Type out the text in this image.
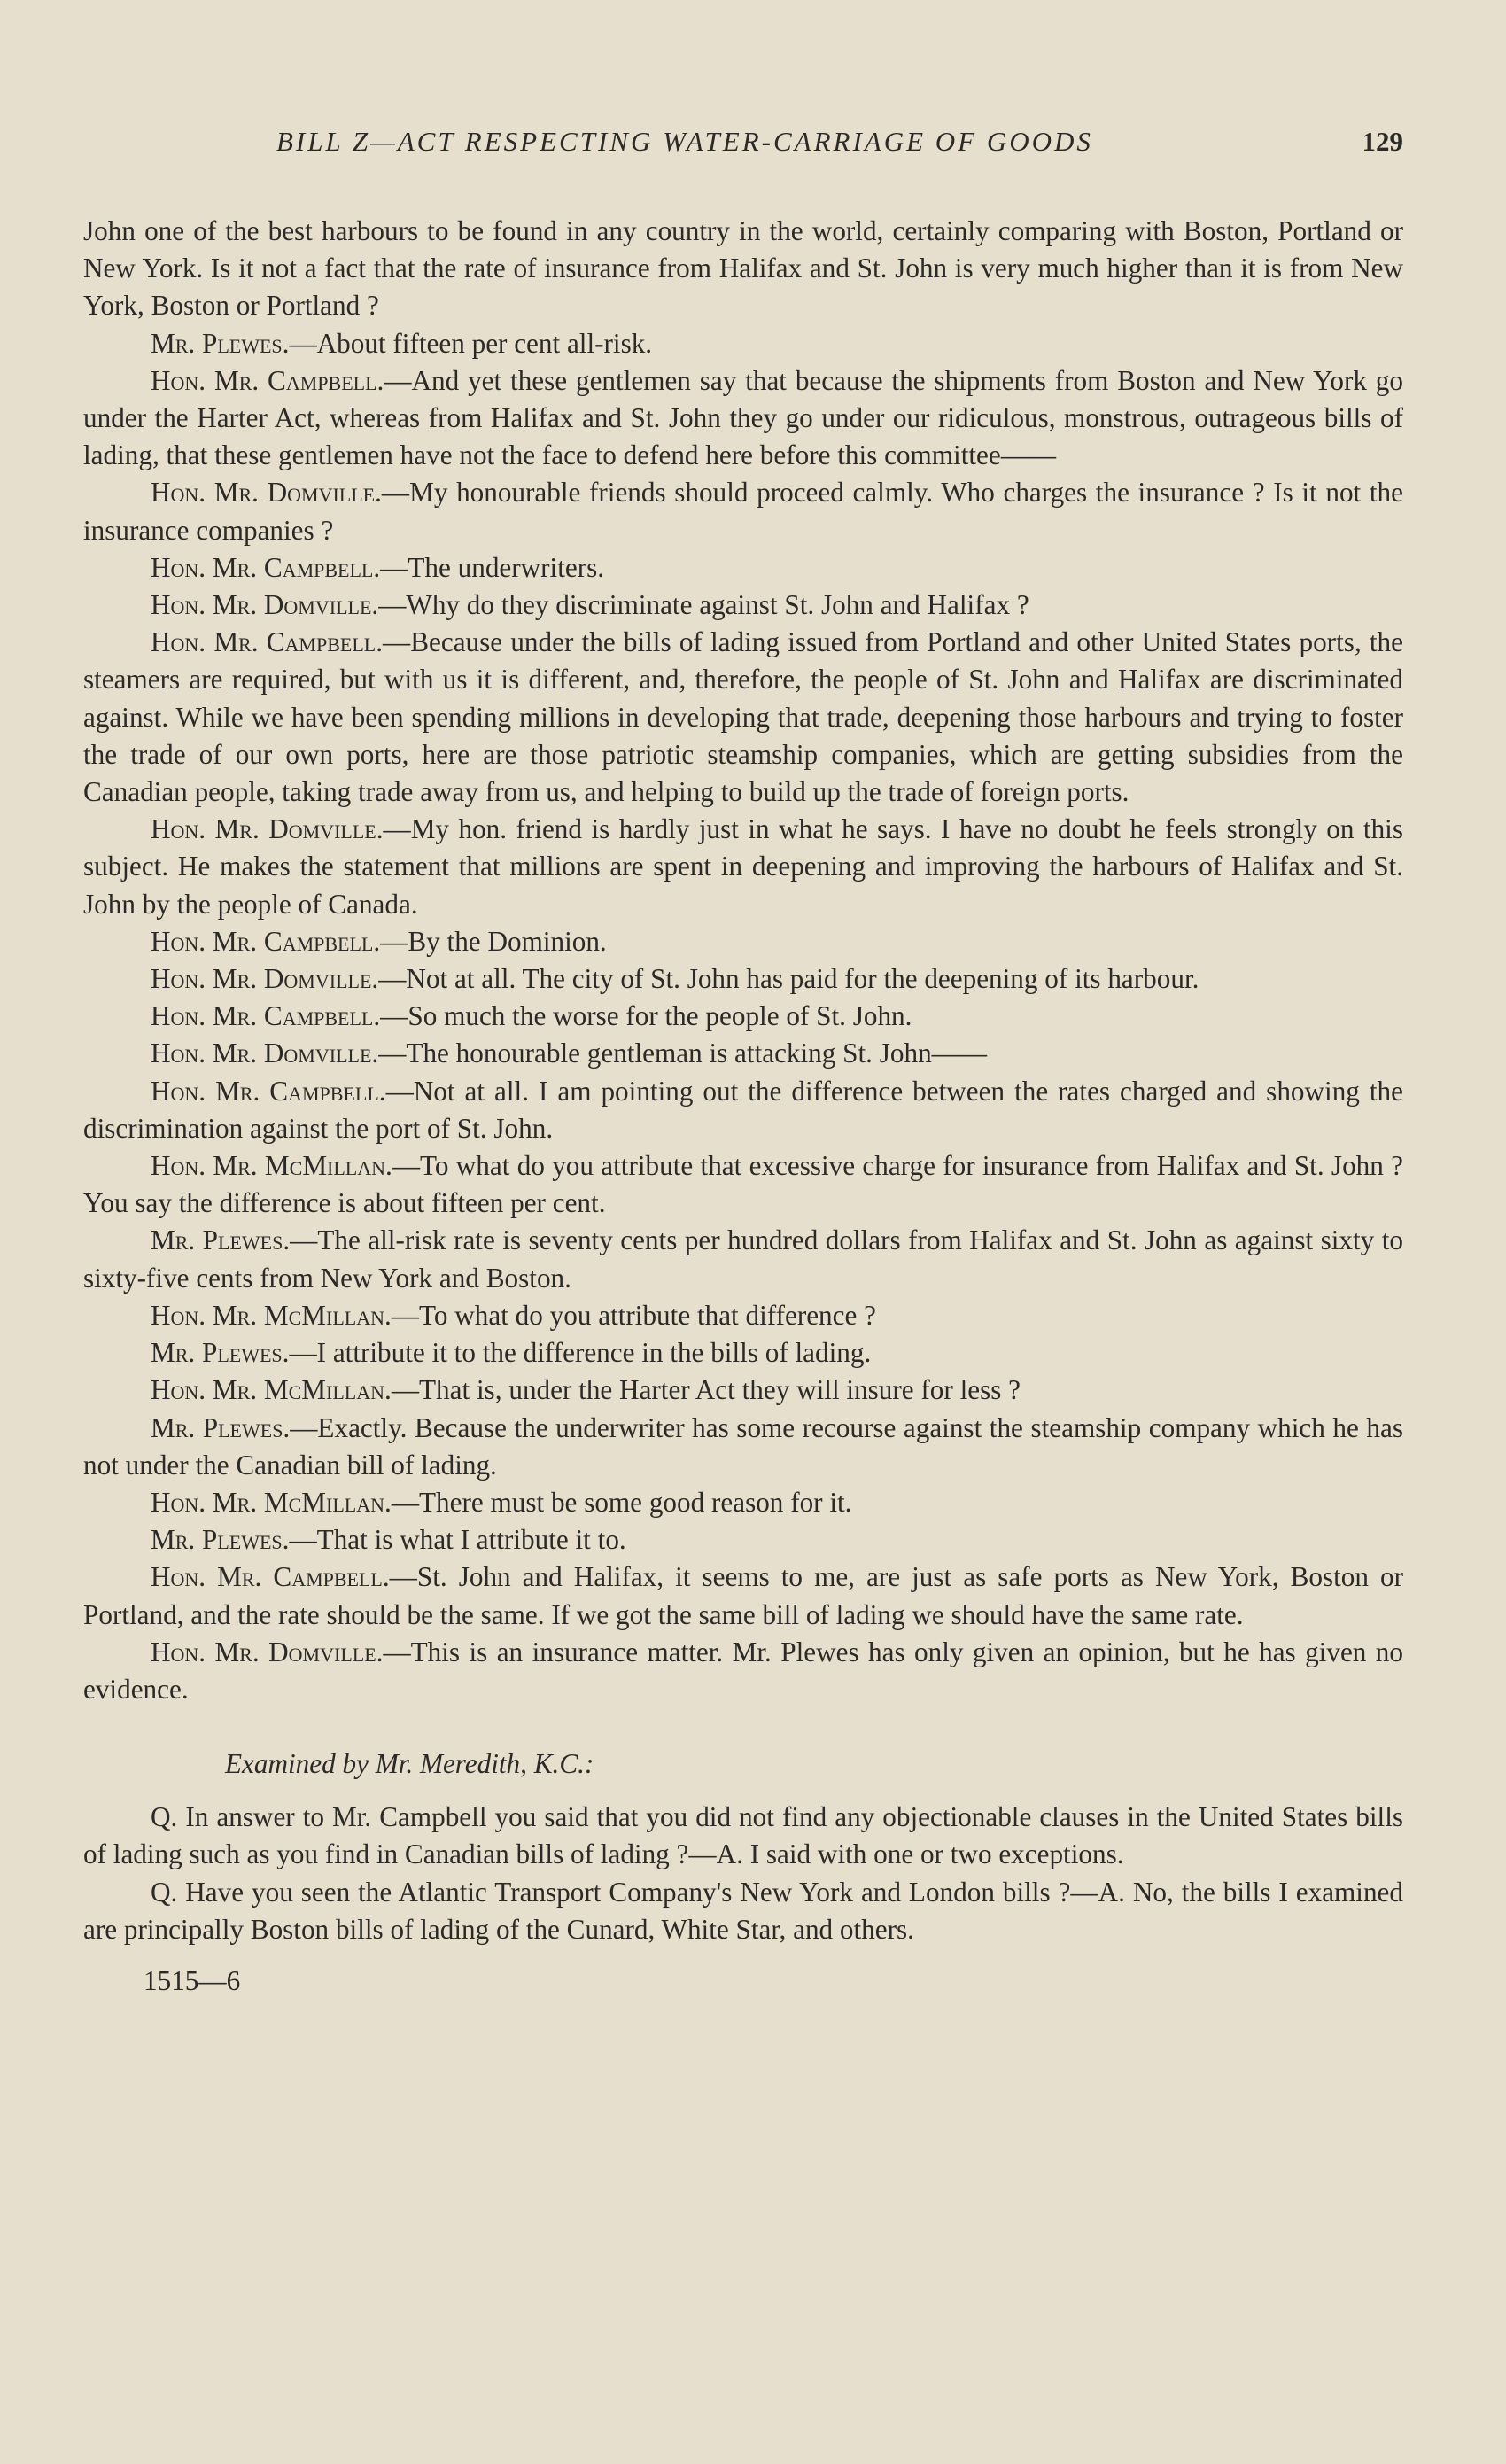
BILL Z—ACT RESPECTING WATER-CARRIAGE OF GOODS	129

John one of the best harbours to be found in any country in the world, certainly comparing with Boston, Portland or New York. Is it not a fact that the rate of insurance from Halifax and St. John is very much higher than it is from New York, Boston or Portland ?

Mr. Plewes.—About fifteen per cent all-risk.

Hon. Mr. Campbell.—And yet these gentlemen say that because the shipments from Boston and New York go under the Harter Act, whereas from Halifax and St. John they go under our ridiculous, monstrous, outrageous bills of lading, that these gentlemen have not the face to defend here before this committee——

Hon. Mr. Domville.—My honourable friends should proceed calmly. Who charges the insurance ? Is it not the insurance companies ?

Hon. Mr. Campbell.—The underwriters.

Hon. Mr. Domville.—Why do they discriminate against St. John and Halifax ?

Hon. Mr. Campbell.—Because under the bills of lading issued from Portland and other United States ports, the steamers are required, but with us it is different, and, therefore, the people of St. John and Halifax are discriminated against. While we have been spending millions in developing that trade, deepening those harbours and trying to foster the trade of our own ports, here are those patriotic steamship companies, which are getting subsidies from the Canadian people, taking trade away from us, and helping to build up the trade of foreign ports.

Hon. Mr. Domville.—My hon. friend is hardly just in what he says. I have no doubt he feels strongly on this subject. He makes the statement that millions are spent in deepening and improving the harbours of Halifax and St. John by the people of Canada.

Hon. Mr. Campbell.—By the Dominion.

Hon. Mr. Domville.—Not at all. The city of St. John has paid for the deepening of its harbour.

Hon. Mr. Campbell.—So much the worse for the people of St. John.

Hon. Mr. Domville.—The honourable gentleman is attacking St. John——

Hon. Mr. Campbell.—Not at all. I am pointing out the difference between the rates charged and showing the discrimination against the port of St. John.

Hon. Mr. McMillan.—To what do you attribute that excessive charge for insurance from Halifax and St. John ? You say the difference is about fifteen per cent.

Mr. Plewes.—The all-risk rate is seventy cents per hundred dollars from Halifax and St. John as against sixty to sixty-five cents from New York and Boston.

Hon. Mr. McMillan.—To what do you attribute that difference ?

Mr. Plewes.—I attribute it to the difference in the bills of lading.

Hon. Mr. McMillan.—That is, under the Harter Act they will insure for less ?

Mr. Plewes.—Exactly. Because the underwriter has some recourse against the steamship company which he has not under the Canadian bill of lading.

Hon. Mr. McMillan.—There must be some good reason for it.

Mr. Plewes.—That is what I attribute it to.

Hon. Mr. Campbell.—St. John and Halifax, it seems to me, are just as safe ports as New York, Boston or Portland, and the rate should be the same. If we got the same bill of lading we should have the same rate.

Hon. Mr. Domville.—This is an insurance matter. Mr. Plewes has only given an opinion, but he has given no evidence.

Examined by Mr. Meredith, K.C.:

Q. In answer to Mr. Campbell you said that you did not find any objectionable clauses in the United States bills of lading such as you find in Canadian bills of lading ?—A. I said with one or two exceptions.

Q. Have you seen the Atlantic Transport Company's New York and London bills ?—A. No, the bills I examined are principally Boston bills of lading of the Cunard, White Star, and others.

1515—6
